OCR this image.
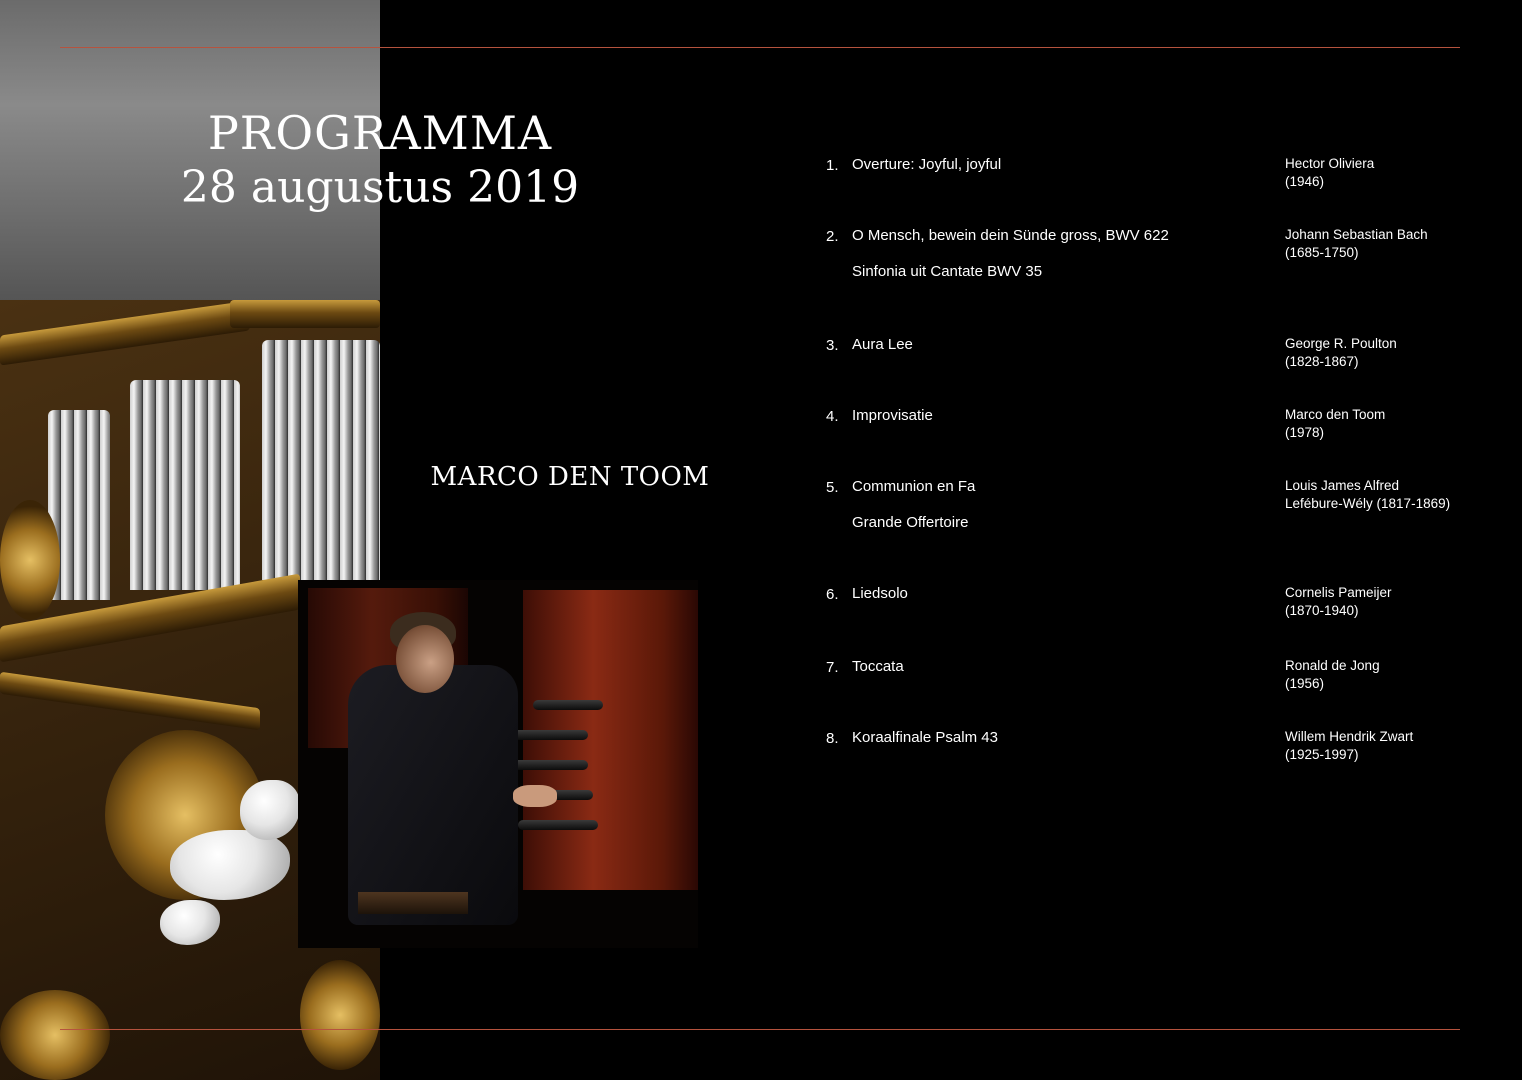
PROGRAMMA
28 augustus 2019
MARCO DEN TOOM
1. Overture: Joyful, joyful	Hector Oliviera
(1946)
2. O Mensch, bewein dein Sünde gross, BWV 622
Sinfonia uit Cantate BWV 35
Johann Sebastian Bach
(1685-1750)
3. Aura Lee	George R. Poulton
(1828-1867)
4. Improvisatie	Marco den Toom
(1978)
5. Communion en Fa
Grande Offertoire
Louis James Alfred
Lefébure-Wély (1817-1869)
6. Liedsolo	Cornelis Pameijer
(1870-1940)
7. Toccata	Ronald de Jong
(1956)
8. Koraalfinale Psalm 43	Willem Hendrik Zwart
(1925-1997)
